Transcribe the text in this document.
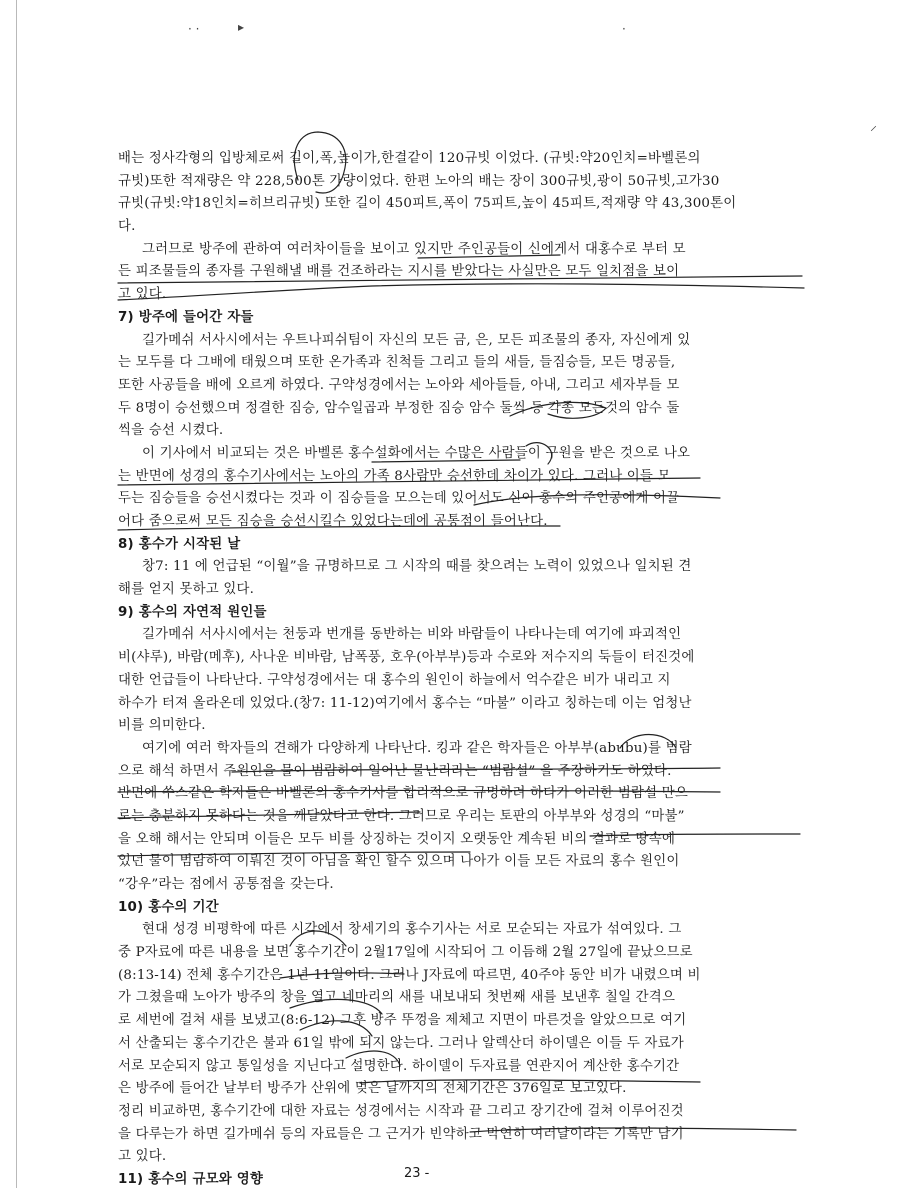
· ·	▸	·
⸝
배는 정사각형의 입방체로써 길이,폭,높이가,한결같이 120규빗 이었다. (규빗:약20인치=바벨론의
규빗)또한 적재량은 약 228,500톤 가량이었다. 한편 노아의 배는 장이 300규빗,광이 50규빗,고가30
규빗(규빗:약18인치=히브리규빗) 또한 길이 450피트,폭이 75피트,높이 45피트,적재량 약 43,300톤이
다.
그러므로 방주에 관하여 여러차이들을 보이고 있지만 주인공들이 신에게서 대홍수로 부터 모
든 피조물들의 종자를 구원해낼 배를 건조하라는 지시를 받았다는 사실만은 모두 일치점을 보이
고 있다.
7) 방주에 들어간 자들
길가메쉬 서사시에서는 우트나피쉬팀이 자신의 모든 금, 은, 모든 피조물의 종자, 자신에게 있
는 모두를 다 그배에 태웠으며 또한 온가족과 친척들 그리고 들의 새들, 들짐승들, 모든 명공들,
또한 사공들을 배에 오르게 하였다. 구약성경에서는 노아와 세아들들, 아내, 그리고 세자부들 모
두 8명이 승선했으며 정결한 짐승, 암수일곱과 부정한 짐승 암수 둘씩 등 각종 모든것의 암수 둘
씩을 승선 시켰다.
이 기사에서 비교되는 것은 바벨론 홍수설화에서는 수많은 사람들이 구원을 받은 것으로 나오
는 반면에 성경의 홍수기사에서는 노아의 가족 8사람만 승선한데 차이가 있다. 그러나 이들 모
두는 짐승들을 승선시켰다는 것과 이 짐승들을 모으는데 있어서도 신이 홍수의 주인공에게 이끌
어다 줌으로써 모든 짐승을 승선시킬수 있었다는데에 공통점이 들어난다.
8) 홍수가 시작된 날
창7: 11 에 언급된 “이월”을 규명하므로 그 시작의 때를 찾으려는 노력이 있었으나 일치된 견
해를 얻지 못하고 있다.
9) 홍수의 자연적 원인들
길가메쉬 서사시에서는 천둥과 번개를 동반하는 비와 바람들이 나타나는데 여기에 파괴적인
비(샤루), 바람(메후), 사나운 비바람, 남폭풍, 호우(아부부)등과 수로와 저수지의 둑들이 터진것에
대한 언급들이 나타난다. 구약성경에서는 대 홍수의 원인이 하늘에서 억수같은 비가 내리고 지
하수가 터져 올라온데 있었다.(창7: 11-12)여기에서 홍수는 “마불” 이라고 칭하는데 이는 엄청난
비를 의미한다.
여기에 여러 학자들의 견해가 다양하게 나타난다. 킹과 같은 학자들은 아부부(abubu)를 범람
으로 해석 하면서 주원인을 물이 범람하여 일어난 물난리라는 “범람설” 을 주장하기도 하였다.
반면에 쑤스같은 학자들은 바벨론의 홍수기사를 합리적으로 규명하려 하다가 이러한 범람설 만으
로는 충분하지 못하다는 것을 깨달았다고 한다. 그러므로 우리는 토판의 아부부와 성경의 “마불”
을 오해 해서는 안되며 이들은 모두 비를 상징하는 것이지 오랫동안 계속된 비의 결과로 땅속에
있던 물이 범람하여 이뤄진 것이 아님을 확인 할수 있으며 나아가 이들 모든 자료의 홍수 원인이
“강우”라는 점에서 공통점을 갖는다.
10) 홍수의 기간
현대 성경 비평학에 따른 시각에서 창세기의 홍수기사는 서로 모순되는 자료가 섞여있다. 그
중 P자료에 따른 내용을 보면 홍수기간이 2월17일에 시작되어 그 이듬해 2월 27일에 끝났으므로
(8:13-14) 전체 홍수기간은 1년 11일이다. 그러나 J자료에 따르면, 40주야 동안 비가 내렸으며 비
가 그쳤을때 노아가 방주의 창을 열고 네마리의 새를 내보내되 첫번째 새를 보낸후 칠일 간격으
로 세번에 걸쳐 새를 보냈고(8:6-12) 그후 방주 뚜껑을 제체고 지면이 마른것을 알았으므로 여기
서 산출되는 홍수기간은 불과 61일 밖에 되지 않는다. 그러나 알렉산더 하이델은 이들 두 자료가
서로 모순되지 않고 통일성을 지닌다고 설명한다. 하이델이 두자료를 연관지어 계산한 홍수기간
은 방주에 들어간 날부터 방주가 산위에 멎은 날까지의 전체기간은 376일로 보고있다.
정리 비교하면, 홍수기간에 대한 자료는 성경에서는 시작과 끝 그리고 장기간에 걸쳐 이루어진것
을 다루는가 하면 길가메쉬 등의 자료들은 그 근거가 빈약하고 막연히 여러날이라는 기록만 남기
고 있다.
11) 홍수의 규모와 영향	23 -
